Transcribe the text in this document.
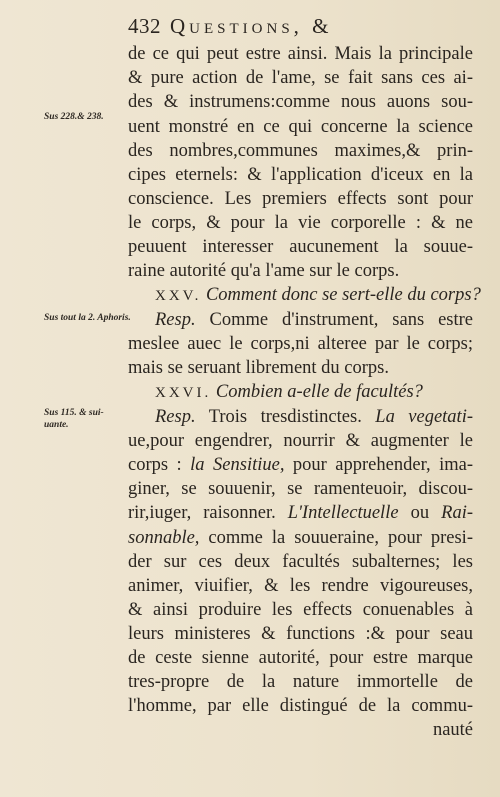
432 Questions, &
Sus 228.& 238.
Sus tout la 2. Aphoris.
Sus 115. & sui-
uante.
de ce qui peut estre ainsi. Mais la principale
& pure action de l'ame, se fait sans ces ai-
des & instrumens:comme nous auons sou-
uent monstré en ce qui concerne la science
des nombres,communes maximes,& prin-
cipes eternels: & l'application d'iceux en la
conscience. Les premiers effects sont pour
le corps, & pour la vie corporelle : & ne
peuuent interesser aucunement la souue-
raine autorité qu'a l'ame sur le corps.
XXV. Comment donc se sert-elle du corps?
Resp. Comme d'instrument, sans estre
meslee auec le corps,ni alteree par le corps;
mais se seruant librement du corps.
XXVI. Combien a-elle de facultés?
Resp. Trois tresdistinctes. La vegetati-
ue,pour engendrer, nourrir & augmenter le
corps : la Sensitiue, pour apprehender, ima-
giner, se souuenir, se ramenteuoir, discou-
rir,iuger, raisonner. L'Intellectuelle ou Rai-
sonnable, comme la souueraine, pour presi-
der sur ces deux facultés subalternes; les
animer, viuifier, & les rendre vigoureuses,
& ainsi produire les effects conuenables à
leurs ministeres & functions :& pour seau
de ceste sienne autorité, pour estre marque
tres-propre de la nature immortelle de
l'homme, par elle distingué de la commu-
nauté
